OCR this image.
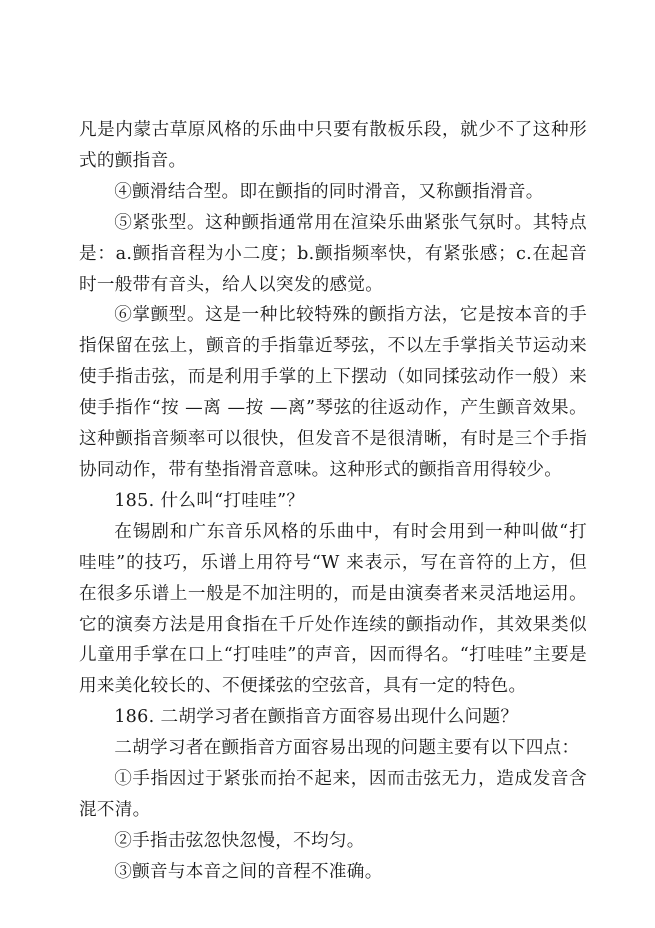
凡是内蒙古草原风格的乐曲中只要有散板乐段，就少不了这种形式的颤指音。

④颤滑结合型。即在颤指的同时滑音，又称颤指滑音。

⑤紧张型。这种颤指通常用在渲染乐曲紧张气氛时。其特点是：a.颤指音程为小二度；b.颤指频率快，有紧张感；c.在起音时一般带有音头，给人以突发的感觉。

⑥掌颤型。这是一种比较特殊的颤指方法，它是按本音的手指保留在弦上，颤音的手指靠近琴弦，不以左手掌指关节运动来使手指击弦，而是利用手掌的上下摆动（如同揉弦动作一般）来使手指作“按 —离 —按 —离”琴弦的往返动作，产生颤音效果。这种颤指音频率可以很快，但发音不是很清晰，有时是三个手指协同动作，带有垫指滑音意味。这种形式的颤指音用得较少。

185. 什么叫“打哇哇”？

在锡剧和广东音乐风格的乐曲中，有时会用到一种叫做“打哇哇”的技巧，乐谱上用符号“W 来表示，写在音符的上方，但在很多乐谱上一般是不加注明的，而是由演奏者来灵活地运用。它的演奏方法是用食指在千斤处作连续的颤指动作，其效果类似儿童用手掌在口上“打哇哇”的声音，因而得名。“打哇哇”主要是用来美化较长的、不便揉弦的空弦音，具有一定的特色。

186. 二胡学习者在颤指音方面容易出现什么问题？

二胡学习者在颤指音方面容易出现的问题主要有以下四点：

①手指因过于紧张而抬不起来，因而击弦无力，造成发音含混不清。

②手指击弦忽快忽慢，不均匀。

③颤音与本音之间的音程不准确。
